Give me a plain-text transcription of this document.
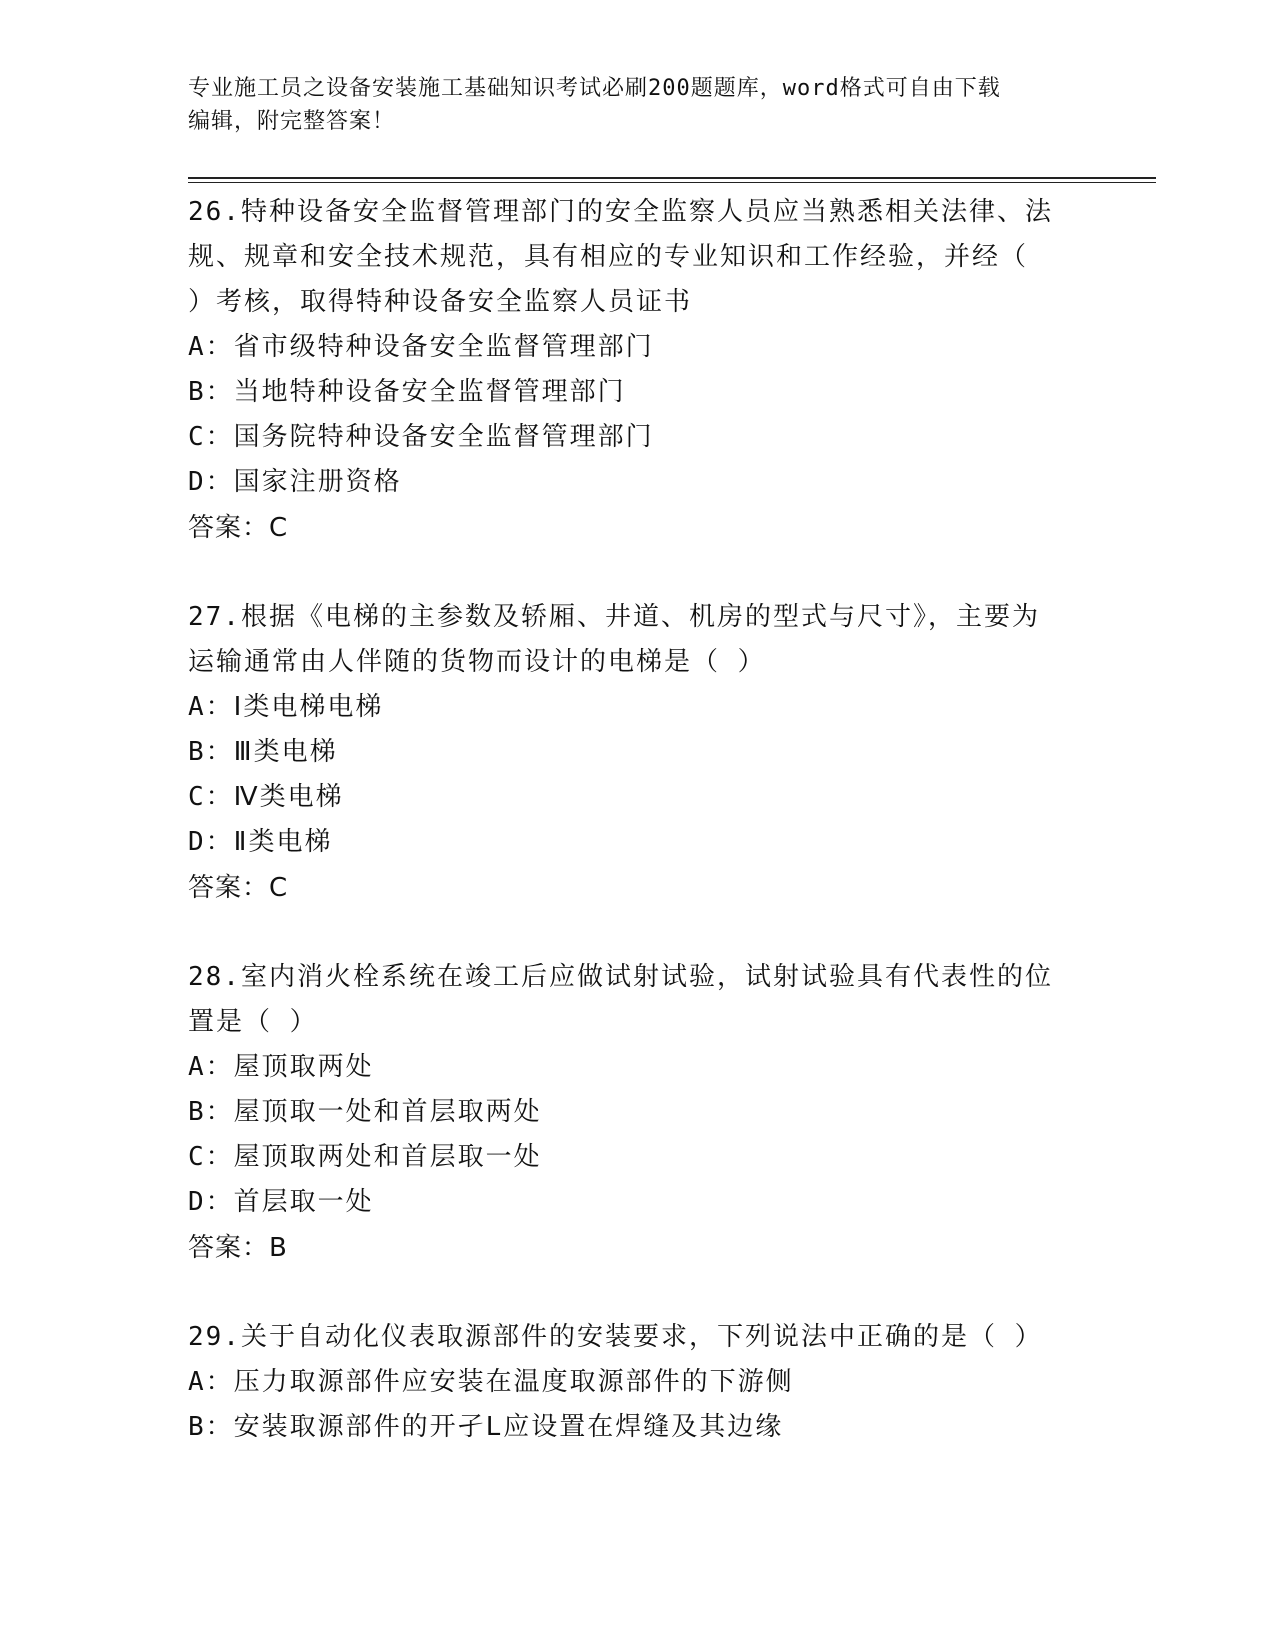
专业施工员之设备安装施工基础知识考试必刷200题题库，word格式可自由下载
编辑，附完整答案！
26.特种设备安全监督管理部门的安全监察人员应当熟悉相关法律、法
规、规章和安全技术规范，具有相应的专业知识和工作经验，并经（
）考核，取得特种设备安全监察人员证书
A：省市级特种设备安全监督管理部门
B：当地特种设备安全监督管理部门
C：国务院特种设备安全监督管理部门
D：国家注册资格
答案：C
27.根据《电梯的主参数及轿厢、井道、机房的型式与尺寸》，主要为
运输通常由人伴随的货物而设计的电梯是（ ）
A：Ⅰ类电梯电梯
B：Ⅲ类电梯
C：Ⅳ类电梯
D：Ⅱ类电梯
答案：C
28.室内消火栓系统在竣工后应做试射试验，试射试验具有代表性的位
置是（ ）
A：屋顶取两处
B：屋顶取一处和首层取两处
C：屋顶取两处和首层取一处
D：首层取一处
答案：B
29.关于自动化仪表取源部件的安装要求，下列说法中正确的是（ ）
A：压力取源部件应安装在温度取源部件的下游侧
B：安装取源部件的开孑L应设置在焊缝及其边缘
